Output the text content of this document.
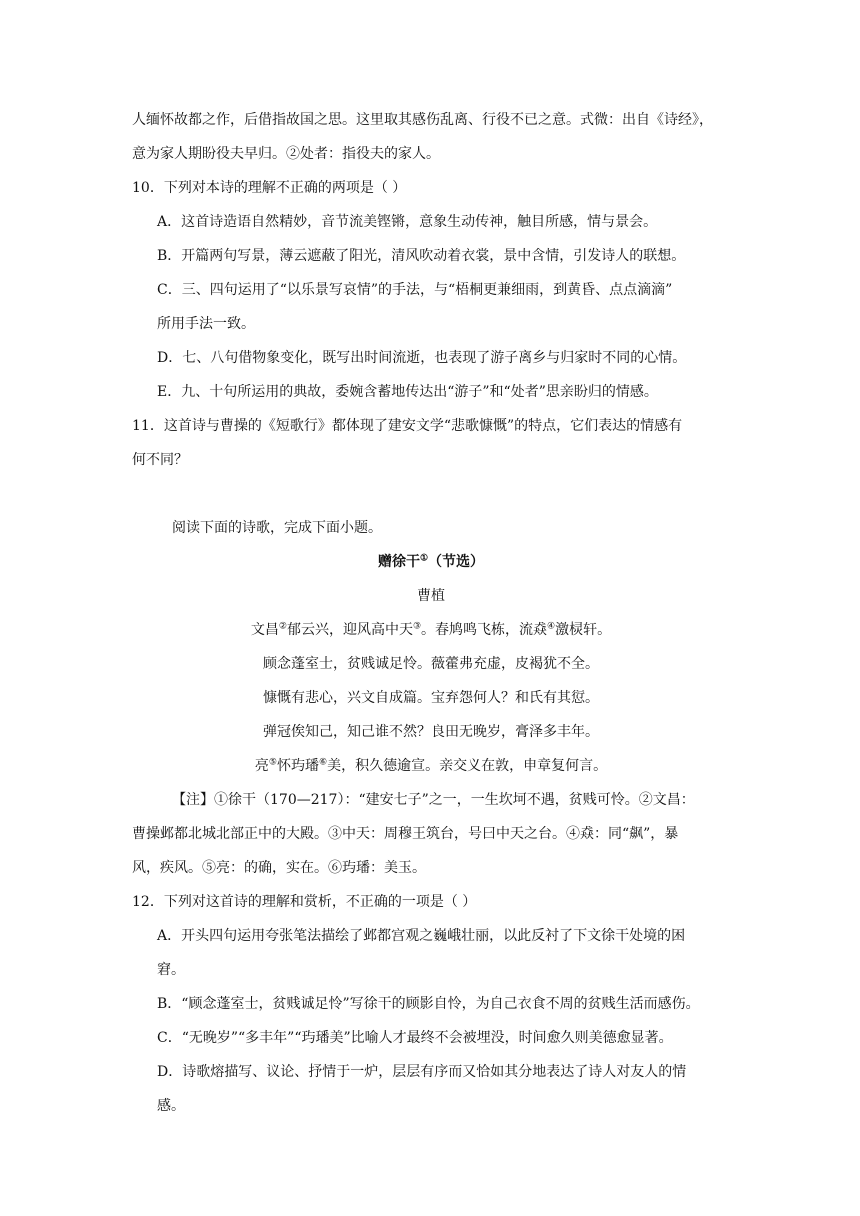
人缅怀故都之作，后借指故国之思。这里取其感伤乱离、行役不已之意。式微：出自《诗经》，
意为家人期盼役夫早归。②处者：指役夫的家人。
10．下列对本诗的理解不正确的两项是（ ）
A．这首诗造语自然精妙，音节流美铿锵，意象生动传神，触目所感，情与景会。
B．开篇两句写景，薄云遮蔽了阳光，清风吹动着衣裳，景中含情，引发诗人的联想。
C．三、四句运用了“以乐景写哀情”的手法，与“梧桐更兼细雨，到黄昏、点点滴滴”
所用手法一致。
D．七、八句借物象变化，既写出时间流逝，也表现了游子离乡与归家时不同的心情。
E．九、十句所运用的典故，委婉含蓄地传达出“游子”和“处者”思亲盼归的情感。
11．这首诗与曹操的《短歌行》都体现了建安文学“悲歌慷慨”的特点，它们表达的情感有
何不同？
阅读下面的诗歌，完成下面小题。
赠徐干①（节选）
曹植
文昌②郁云兴，迎风高中天③。春鸠鸣飞栋，流猋④激棂轩。
顾念蓬室士，贫贱诚足怜。薇藿弗充虚，皮褐犹不全。
慷慨有悲心，兴文自成篇。宝弃怨何人？和氏有其愆。
弹冠俟知己，知己谁不然？良田无晚岁，膏泽多丰年。
亮⑤怀玙璠⑥美，积久德逾宣。亲交义在敦，申章复何言。
【注】①徐干（170—217）：“建安七子”之一，一生坎坷不遇，贫贱可怜。②文昌：
曹操邺都北城北部正中的大殿。③中天：周穆王筑台，号曰中天之台。④猋：同“飙”，暴
风，疾风。⑤亮：的确，实在。⑥玙璠：美玉。
12．下列对这首诗的理解和赏析，不正确的一项是（ ）
A．开头四句运用夸张笔法描绘了邺都宫观之巍峨壮丽，以此反衬了下文徐干处境的困
窘。
B．“顾念蓬室士，贫贱诚足怜”写徐干的顾影自怜，为自己衣食不周的贫贱生活而感伤。
C．“无晚岁”“多丰年”“玙璠美”比喻人才最终不会被埋没，时间愈久则美德愈显著。
D．诗歌熔描写、议论、抒情于一炉，层层有序而又恰如其分地表达了诗人对友人的情
感。
